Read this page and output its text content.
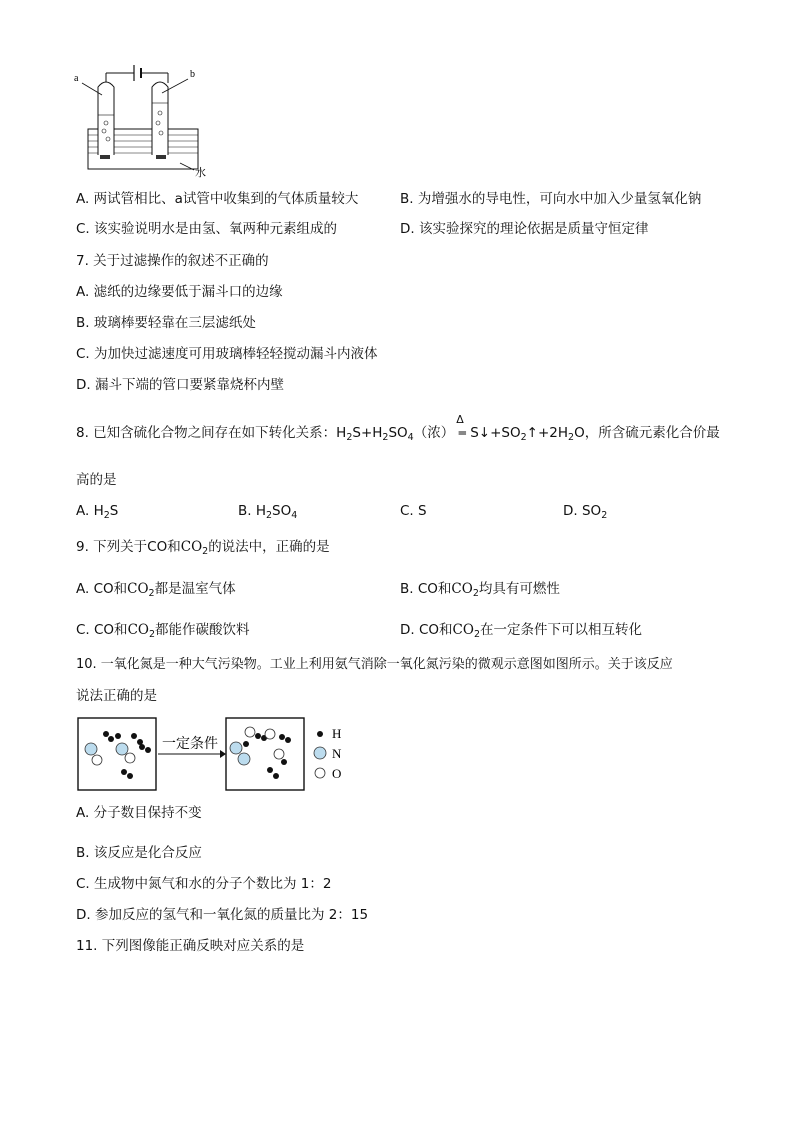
a	b
水
A. 两试管相比、a试管中收集到的气体质量较大	B. 为增强水的导电性，可向水中加入少量氢氧化钠
C. 该实验说明水是由氢、氧两种元素组成的	D. 该实验探究的理论依据是质量守恒定律
7. 关于过滤操作的叙述不正确的
A. 滤纸的边缘要低于漏斗口的边缘
B. 玻璃棒要轻靠在三层滤纸处
C. 为加快过滤速度可用玻璃棒轻轻搅动漏斗内液体
D. 漏斗下端的管口要紧靠烧杯内壁
8. 已知含硫化合物之间存在如下转化关系：$H_2S+H_2SO_4$（浓）
Δ
═ $S↓+SO_2↑+2H_2O$，所含硫元素化合价最
高的是
A. $H_2S$	B. $H_2SO_4$	C. S	D. $SO_2$
9. 下列关于CO和$CO_2$的说法中，正确的是
A. CO和$CO_2$都是温室气体	B. CO和$CO_2$均具有可燃性
C. CO和$CO_2$都能作碳酸饮料	D. CO和$CO_2$在一定条件下可以相互转化
10. 一氧化氮是一种大气污染物。工业上利用氨气消除一氧化氮污染的微观示意图如图所示。关于该反应
说法正确的是
一定条件
H
N
O
A. 分子数目保持不变
B. 该反应是化合反应
C. 生成物中氮气和水的分子个数比为 1：2
D. 参加反应的氢气和一氧化氮的质量比为 2：15
11. 下列图像能正确反映对应关系的是
